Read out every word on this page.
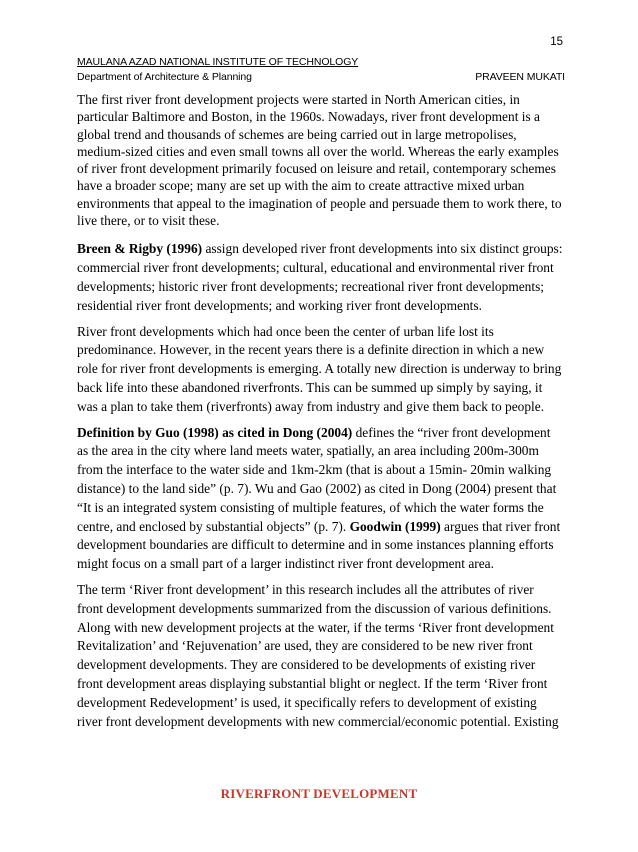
15
MAULANA AZAD NATIONAL INSTITUTE OF TECHNOLOGY
Department of Architecture & Planning	PRAVEEN MUKATI

The first river front development projects were started in North American cities, in particular Baltimore and Boston, in the 1960s. Nowadays, river front development is a global trend and thousands of schemes are being carried out in large metropolises, medium-sized cities and even small towns all over the world. Whereas the early examples of river front development primarily focused on leisure and retail, contemporary schemes have a broader scope; many are set up with the aim to create attractive mixed urban environments that appeal to the imagination of people and persuade them to work there, to live there, or to visit these.

Breen & Rigby (1996) assign developed river front developments into six distinct groups: commercial river front developments; cultural, educational and environmental river front developments; historic river front developments; recreational river front developments; residential river front developments; and working river front developments.

River front developments which had once been the center of urban life lost its predominance. However, in the recent years there is a definite direction in which a new role for river front developments is emerging. A totally new direction is underway to bring back life into these abandoned riverfronts. This can be summed up simply by saying, it was a plan to take them (riverfronts) away from industry and give them back to people.

Definition by Guo (1998) as cited in Dong (2004) defines the “river front development as the area in the city where land meets water, spatially, an area including 200m-300m from the interface to the water side and 1km-2km (that is about a 15min- 20min walking distance) to the land side” (p. 7). Wu and Gao (2002) as cited in Dong (2004) present that “It is an integrated system consisting of multiple features, of which the water forms the centre, and enclosed by substantial objects” (p. 7). Goodwin (1999) argues that river front development boundaries are difficult to determine and in some instances planning efforts might focus on a small part of a larger indistinct river front development area.

The term ‘River front development’ in this research includes all the attributes of river front development developments summarized from the discussion of various definitions. Along with new development projects at the water, if the terms ‘River front development Revitalization’ and ‘Rejuvenation’ are used, they are considered to be new river front development developments. They are considered to be developments of existing river front development areas displaying substantial blight or neglect. If the term ‘River front development Redevelopment’ is used, it specifically refers to development of existing river front development developments with new commercial/economic potential. Existing

RIVERFRONT DEVELOPMENT
